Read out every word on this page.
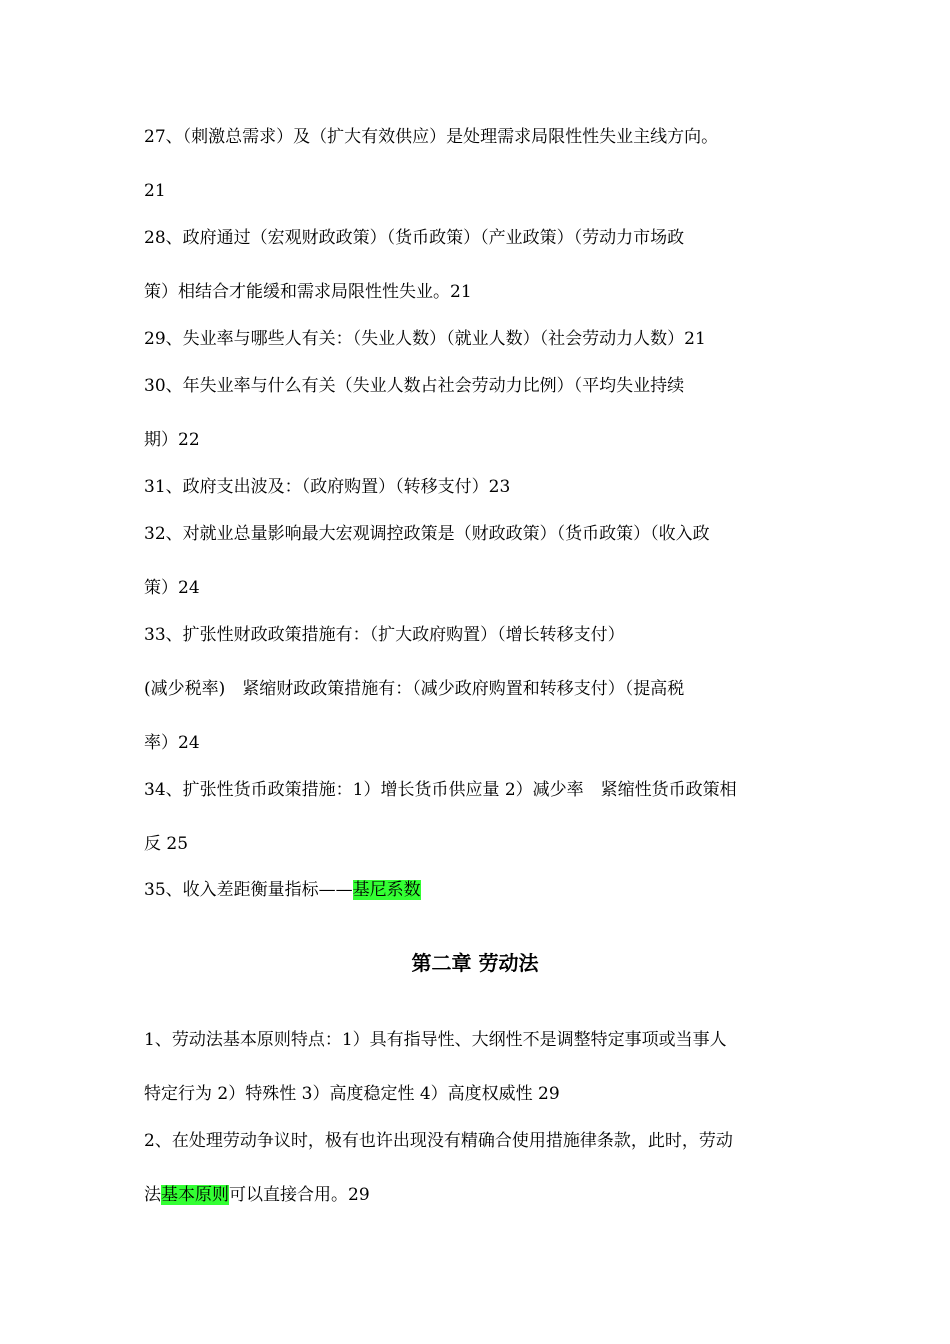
27、（刺激总需求）及（扩大有效供应）是处理需求局限性性失业主线方向。
21
28、政府通过（宏观财政政策）（货币政策）（产业政策）（劳动力市场政
策）相结合才能缓和需求局限性性失业。21
29、失业率与哪些人有关：（失业人数）（就业人数）（社会劳动力人数）21
30、年失业率与什么有关（失业人数占社会劳动力比例）（平均失业持续
期）22
31、政府支出波及：（政府购置）（转移支付）23
32、对就业总量影响最大宏观调控政策是（财政政策）（货币政策）（收入政
策）24
33、扩张性财政政策措施有：（扩大政府购置）（增长转移支付）
(减少税率)　紧缩财政政策措施有：（减少政府购置和转移支付）（提高税
率）24
34、扩张性货币政策措施：1）增长货币供应量 2）减少率　紧缩性货币政策相
反 25
35、收入差距衡量指标——基尼系数
第二章 劳动法
1、劳动法基本原则特点：1）具有指导性、大纲性不是调整特定事项或当事人
特定行为 2）特殊性 3）高度稳定性 4）高度权威性 29
2、在处理劳动争议时，极有也许出现没有精确合使用措施律条款，此时，劳动
法基本原则可以直接合用。29
